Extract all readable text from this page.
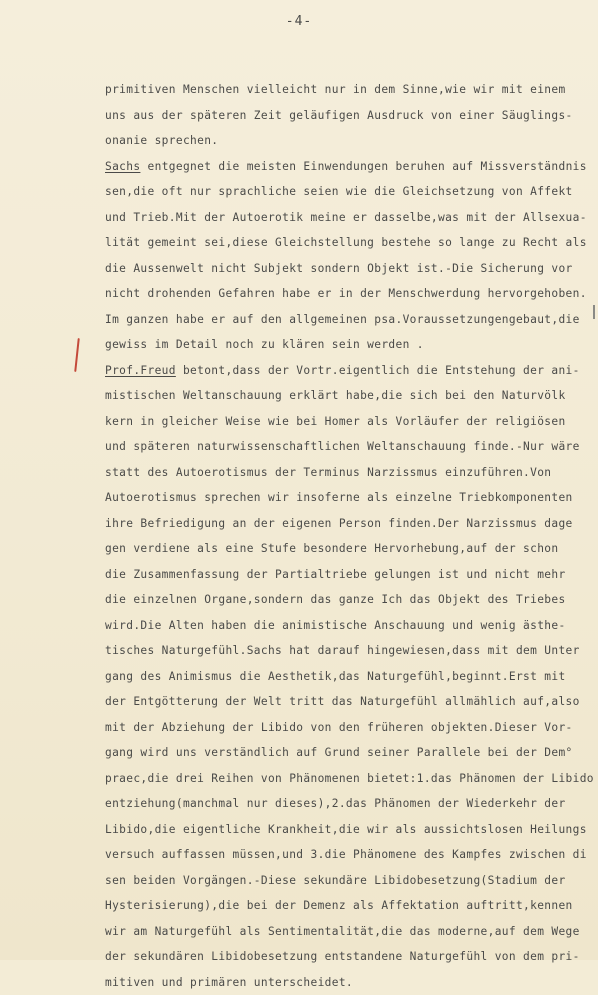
-4-
primitiven Menschen vielleicht nur in dem Sinne,wie wir mit einem
uns aus der späteren Zeit geläufigen Ausdruck von einer Säuglings-
onanie sprechen.
Sachs entgegnet die meisten Einwendungen beruhen auf Missverständnis
sen,die oft nur sprachliche seien wie die Gleichsetzung von Affekt
und Trieb.Mit der Autoerotik meine er dasselbe,was mit der Allsexua-
lität gemeint sei,diese Gleichstellung bestehe so lange zu Recht als
die Aussenwelt nicht Subjekt sondern Objekt ist.-Die Sicherung vor
nicht drohenden Gefahren habe er in der Menschwerdung hervorgehoben.
Im ganzen habe er auf den allgemeinen psa.Voraussetzungengebaut,die
gewiss im Detail noch zu klären sein werden .
Prof.Freud betont,dass der Vortr.eigentlich die Entstehung der ani-
mistischen Weltanschauung erklärt habe,die sich bei den Naturvölk
kern in gleicher Weise wie bei Homer als Vorläufer der religiösen
und späteren naturwissenschaftlichen Weltanschauung finde.-Nur wäre
statt des Autoerotismus der Terminus Narzissmus einzuführen.Von
Autoerotismus sprechen wir insoferne als einzelne Triebkomponenten
ihre Befriedigung an der eigenen Person finden.Der Narzissmus dage
gen verdiene als eine Stufe besondere Hervorhebung,auf der schon
die Zusammenfassung der Partialtriebe gelungen ist und nicht mehr
die einzelnen Organe,sondern das ganze Ich das Objekt des Triebes
wird.Die Alten haben die animistische Anschauung und wenig ästhe-
tisches Naturgefühl.Sachs hat darauf hingewiesen,dass mit dem Unter
gang des Animismus die Aesthetik,das Naturgefühl,beginnt.Erst mit
der Entgötterung der Welt tritt das Naturgefühl allmählich auf,also
mit der Abziehung der Libido von den früheren objekten.Dieser Vor-
gang wird uns verständlich auf Grund seiner Parallele bei der Dem°
praec,die drei Reihen von Phänomenen bietet:1.das Phänomen der Libido
entziehung(manchmal nur dieses),2.das Phänomen der Wiederkehr der
Libido,die eigentliche Krankheit,die wir als aussichtslosen Heilungs
versuch auffassen müssen,und 3.die Phänomene des Kampfes zwischen di
sen beiden Vorgängen.-Diese sekundäre Libidobesetzung(Stadium der
Hysterisierung),die bei der Demenz als Affektation auftritt,kennen
wir am Naturgefühl als Sentimentalität,die das moderne,auf dem Wege
der sekundären Libidobesetzung entstandene Naturgefühl von dem pri-
mitiven und primären unterscheidet.
